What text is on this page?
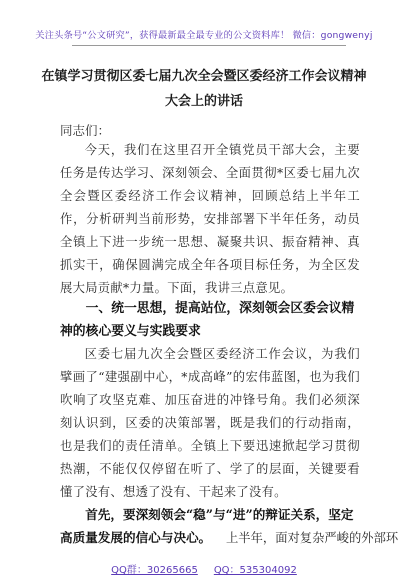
关注头条号“公文研究”，获得最新最全最专业的公文资料库！ 微信：gongwenyj
在镇学习贯彻区委七届九次全会暨区委经济工作会议精神
大会上的讲话
同志们：
今天，我们在这里召开全镇党员干部大会，主要任务是传达学习、深刻领会、全面贯彻*区委七届九次全会暨区委经济工作会议精神，回顾总结上半年工作，分析研判当前形势，安排部署下半年任务，动员全镇上下进一步统一思想、凝聚共识、振奋精神、真抓实干，确保圆满完成全年各项目标任务，为全区发展大局贡献*力量。下面，我讲三点意见。
一、统一思想，提高站位，深刻领会区委会议精神的核心要义与实践要求
区委七届九次全会暨区委经济工作会议，为我们擘画了“建强副中心，*成高峰”的宏伟蓝图，也为我们吹响了攻坚克难、加压奋进的冲锋号角。我们必须深刻认识到，区委的决策部署，既是我们的行动指南，也是我们的责任清单。全镇上下要迅速掀起学习贯彻热潮，不能仅仅停留在听了、学了的层面，关键要看懂了没有、想透了没有、干起来了没有。
首先，要深刻领会“稳”与“进”的辩证关系，坚定高质量发展的信心与决心。	上半年，面对复杂严峻的外部环
QQ群：30265665 QQ：535304092
